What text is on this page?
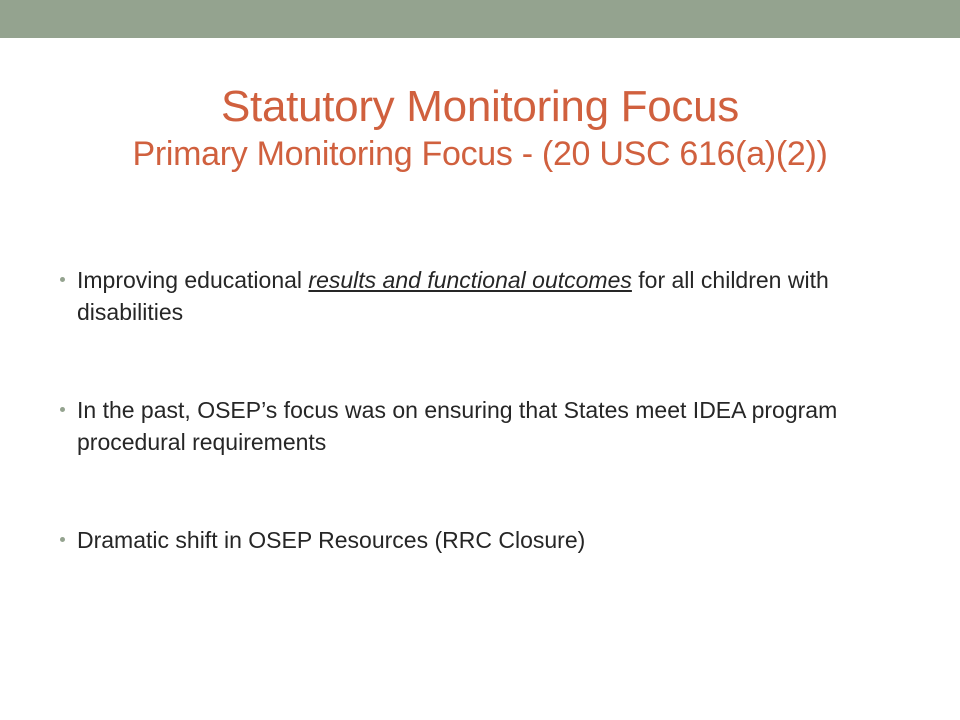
Statutory Monitoring Focus
Primary Monitoring Focus - (20 USC 616(a)(2))
Improving educational results and functional outcomes for all children with disabilities
In the past, OSEP’s focus was on ensuring that States meet IDEA program procedural requirements
Dramatic shift in OSEP Resources (RRC Closure)
